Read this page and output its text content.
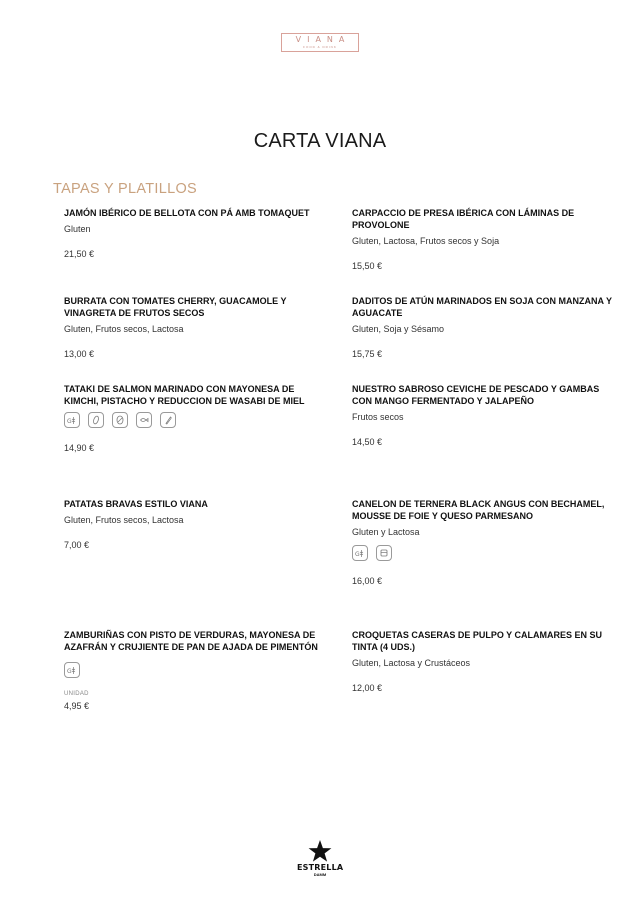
VIANA
FOOD & DRINK
CARTA VIANA
TAPAS Y PLATILLOS
JAMÓN IBÉRICO DE BELLOTA CON PÁ AMB TOMAQUET
Gluten
21,50 €
CARPACCIO DE PRESA IBÉRICA CON LÁMINAS DE PROVOLONE
Gluten, Lactosa, Frutos secos y Soja
15,50 €
BURRATA CON TOMATES CHERRY, GUACAMOLE Y VINAGRETA DE FRUTOS SECOS
Gluten, Frutos secos, Lactosa
13,00 €
DADITOS DE ATÚN MARINADOS EN SOJA CON MANZANA Y AGUACATE
Gluten, Soja y Sésamo
15,75 €
TATAKI DE SALMON MARINADO CON MAYONESA DE KIMCHI, PISTACHO Y REDUCCION DE WASABI DE MIEL
G
14,90 €
NUESTRO SABROSO CEVICHE DE PESCADO Y GAMBAS CON MANGO FERMENTADO Y JALAPEÑO
Frutos secos
14,50 €
PATATAS BRAVAS ESTILO VIANA
Gluten, Frutos secos, Lactosa
7,00 €
CANELON DE TERNERA BLACK ANGUS CON BECHAMEL, MOUSSE DE FOIE Y QUESO PARMESANO
Gluten y Lactosa
G
16,00 €
ZAMBURIÑAS CON PISTO DE VERDURAS, MAYONESA DE AZAFRÁN Y CRUJIENTE DE PAN DE AJADA DE PIMENTÓN
G
UNIDAD
4,95 €
CROQUETAS CASERAS DE PULPO Y CALAMARES EN SU TINTA (4 UDS.)
Gluten, Lactosa y Crustáceos
12,00 €
ESTRELLA
DAMM
